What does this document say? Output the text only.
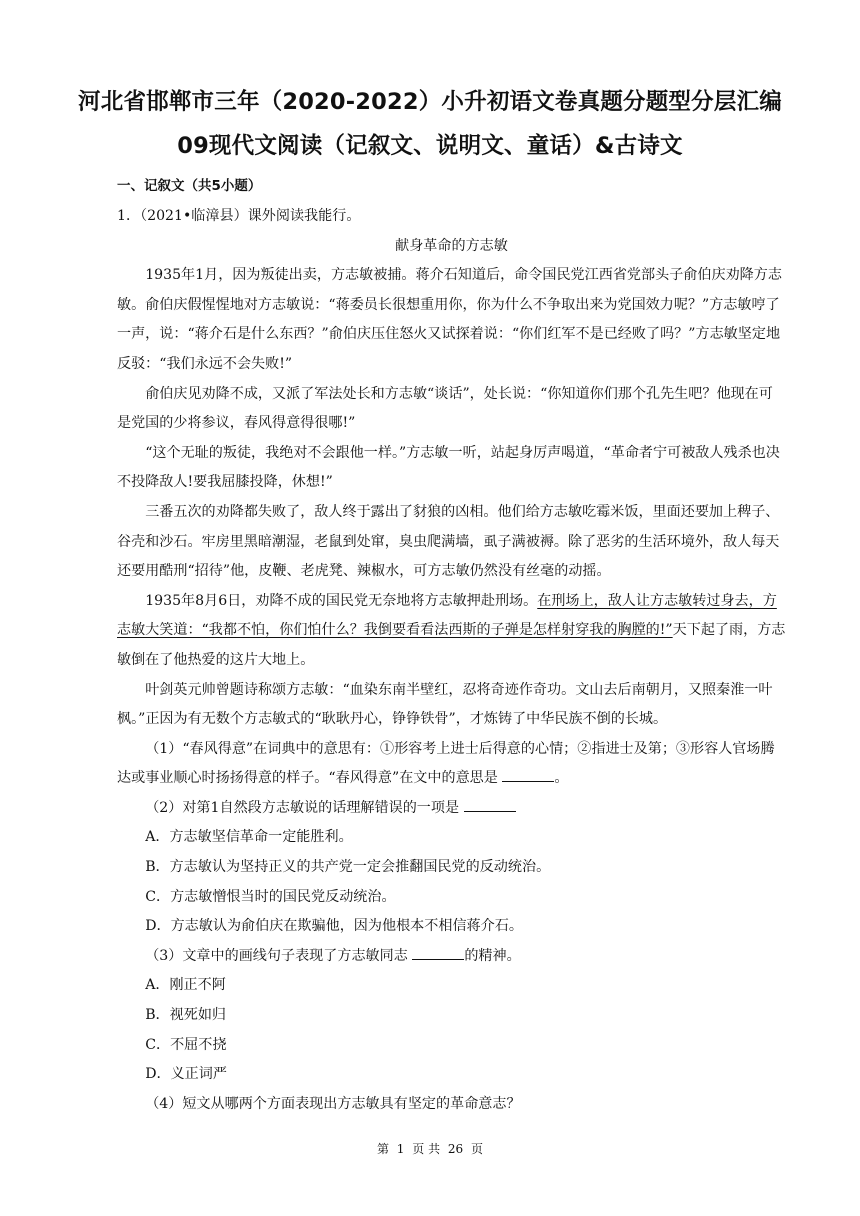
河北省邯郸市三年（2020-2022）小升初语文卷真题分题型分层汇编
09现代文阅读（记叙文、说明文、童话）&古诗文
一、记叙文（共5小题）

1．（2021•临漳县）课外阅读我能行。

献身革命的方志敏

1935年1月，因为叛徒出卖，方志敏被捕。蒋介石知道后，命令国民党江西省党部头子俞伯庆劝降方志敏。俞伯庆假惺惺地对方志敏说：“蒋委员长很想重用你，你为什么不争取出来为党国效力呢？”方志敏哼了一声，说：“蒋介石是什么东西？”俞伯庆压住怒火又试探着说：“你们红军不是已经败了吗？”方志敏坚定地反驳：“我们永远不会失败!”

俞伯庆见劝降不成，又派了军法处长和方志敏“谈话”，处长说：“你知道你们那个孔先生吧？他现在可是党国的少将参议，春风得意得很哪!”

“这个无耻的叛徒，我绝对不会跟他一样。”方志敏一听，站起身厉声喝道，“革命者宁可被敌人残杀也决不投降敌人!要我屈膝投降，休想!”

三番五次的劝降都失败了，敌人终于露出了豺狼的凶相。他们给方志敏吃霉米饭，里面还要加上稗子、谷壳和沙石。牢房里黑暗潮湿，老鼠到处窜，臭虫爬满墙，虱子满被褥。除了恶劣的生活环境外，敌人每天还要用酷刑“招待”他，皮鞭、老虎凳、辣椒水，可方志敏仍然没有丝毫的动摇。

1935年8月6日，劝降不成的国民党无奈地将方志敏押赴刑场。在刑场上，敌人让方志敏转过身去，方志敏大笑道：“我都不怕，你们怕什么？我倒要看看法西斯的子弹是怎样射穿我的胸膛的!”天下起了雨，方志敏倒在了他热爱的这片大地上。

叶剑英元帅曾题诗称颂方志敏：“血染东南半壁红，忍将奇迹作奇功。文山去后南朝月，又照秦淮一叶枫。”正因为有无数个方志敏式的“耿耿丹心，铮铮铁骨”，才炼铸了中华民族不倒的长城。

（1）“春风得意”在词典中的意思有：①形容考上进士后得意的心情；②指进士及第；③形容人官场腾达或事业顺心时扬扬得意的样子。“春风得意”在文中的意思是	。

（2）对第1自然段方志敏说的话理解错误的一项是

A．方志敏坚信革命一定能胜利。

B．方志敏认为坚持正义的共产党一定会推翻国民党的反动统治。

C．方志敏憎恨当时的国民党反动统治。

D．方志敏认为俞伯庆在欺骗他，因为他根本不相信蒋介石。

（3）文章中的画线句子表现了方志敏同志	的精神。

A．刚正不阿

B．视死如归

C．不屈不挠

D．义正词严

（4）短文从哪两个方面表现出方志敏具有坚定的革命意志？

第 1 页 共 26 页
